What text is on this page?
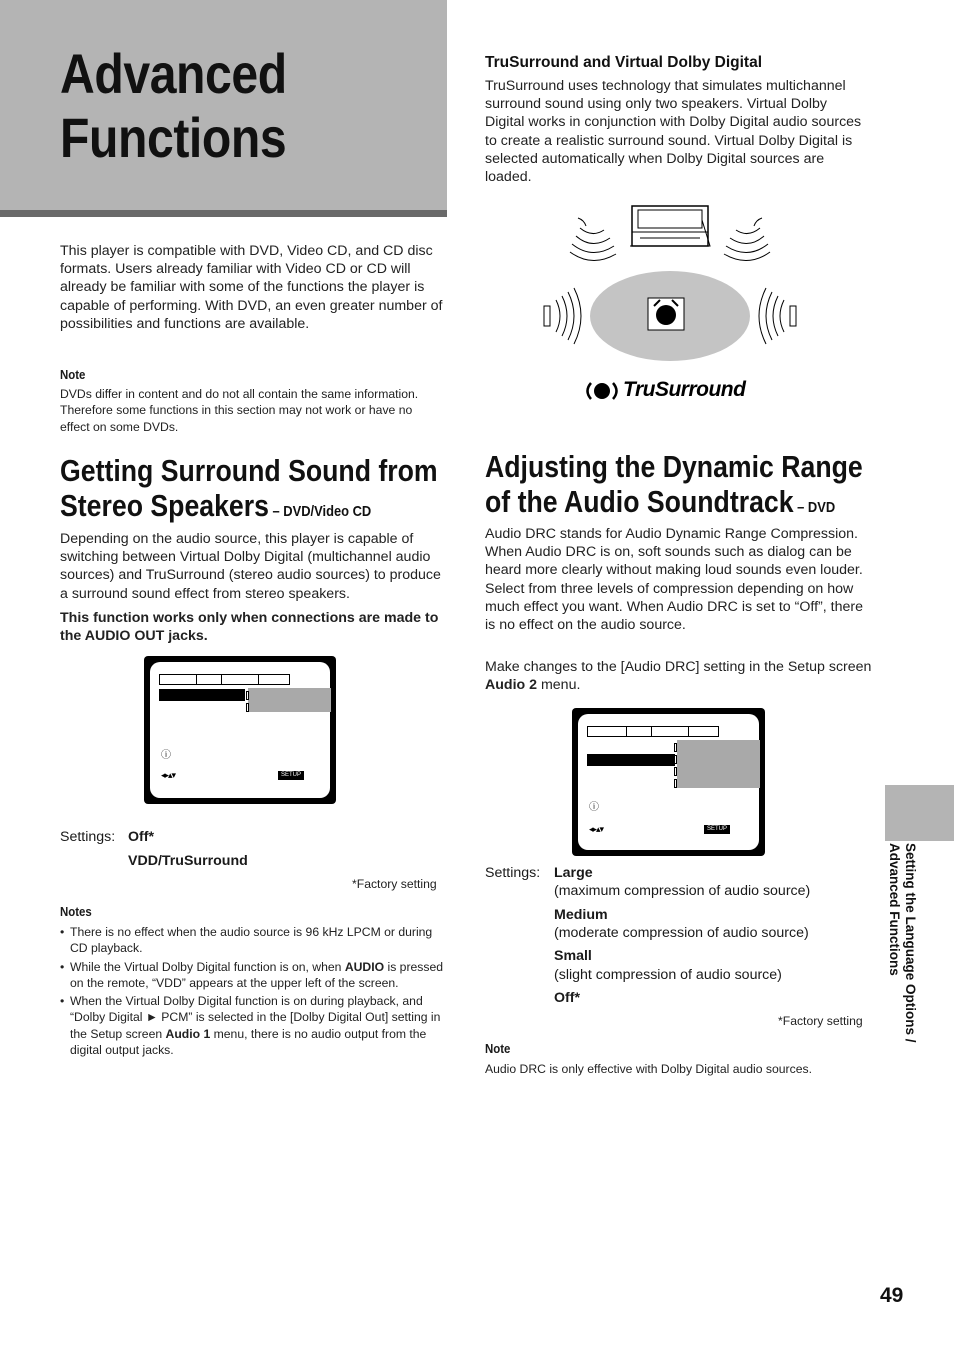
Advanced
Functions
This player is compatible with DVD, Video CD, and CD disc formats. Users already familiar with Video CD or CD will already be familiar with some of the functions the player is capable of performing. With DVD, an even greater number of possibilities and functions are available.
Note
DVDs differ in content and do not all contain the same information. Therefore some functions in this section may not work or have no effect on some DVDs.
Getting Surround Sound from
Stereo Speakers – DVD/Video CD
Depending on the audio source, this player is capable of switching between Virtual Dolby Digital (multichannel audio sources) and TruSurround (stereo audio sources) to produce a surround sound effect from stereo speakers.
This function works only when connections are made to the AUDIO OUT jacks.
ⓘ
◂▸▴▾	SETUP
Settings: Off*
VDD/TruSurround
*Factory setting
Notes
• There is no effect when the audio source is 96 kHz LPCM or during CD playback.
• While the Virtual Dolby Digital function is on, when AUDIO is pressed on the remote, “VDD” appears at the upper left of the screen.
• When the Virtual Dolby Digital function is on during playback, and “Dolby Digital ► PCM” is selected in the [Dolby Digital Out] setting in the Setup screen Audio 1 menu, there is no audio output from the digital output jacks.
TruSurround and Virtual Dolby Digital
TruSurround uses technology that simulates multichannel surround sound using only two speakers. Virtual Dolby Digital works in conjunction with Dolby Digital audio sources to create a realistic surround sound. Virtual Dolby Digital is selected automatically when Dolby Digital sources are loaded.
TruSurround
Adjusting the Dynamic Range
of the Audio Soundtrack – DVD
Audio DRC stands for Audio Dynamic Range Compression. When Audio DRC is on, soft sounds such as dialog can be heard more clearly without making loud sounds even louder. Select from three levels of compression depending on how much effect you want. When Audio DRC is set to “Off”, there is no effect on the audio source.
Make changes to the [Audio DRC] setting in the Setup screen Audio 2 menu.
ⓘ
◂▸▴▾	SETUP
Settings: Large
(maximum compression of audio source)
Medium
(moderate compression of audio source)
Small
(slight compression of audio source)
Off*
*Factory setting
Note
Audio DRC is only effective with Dolby Digital audio sources.
Setting the Language Options /
Advanced Functions
49
